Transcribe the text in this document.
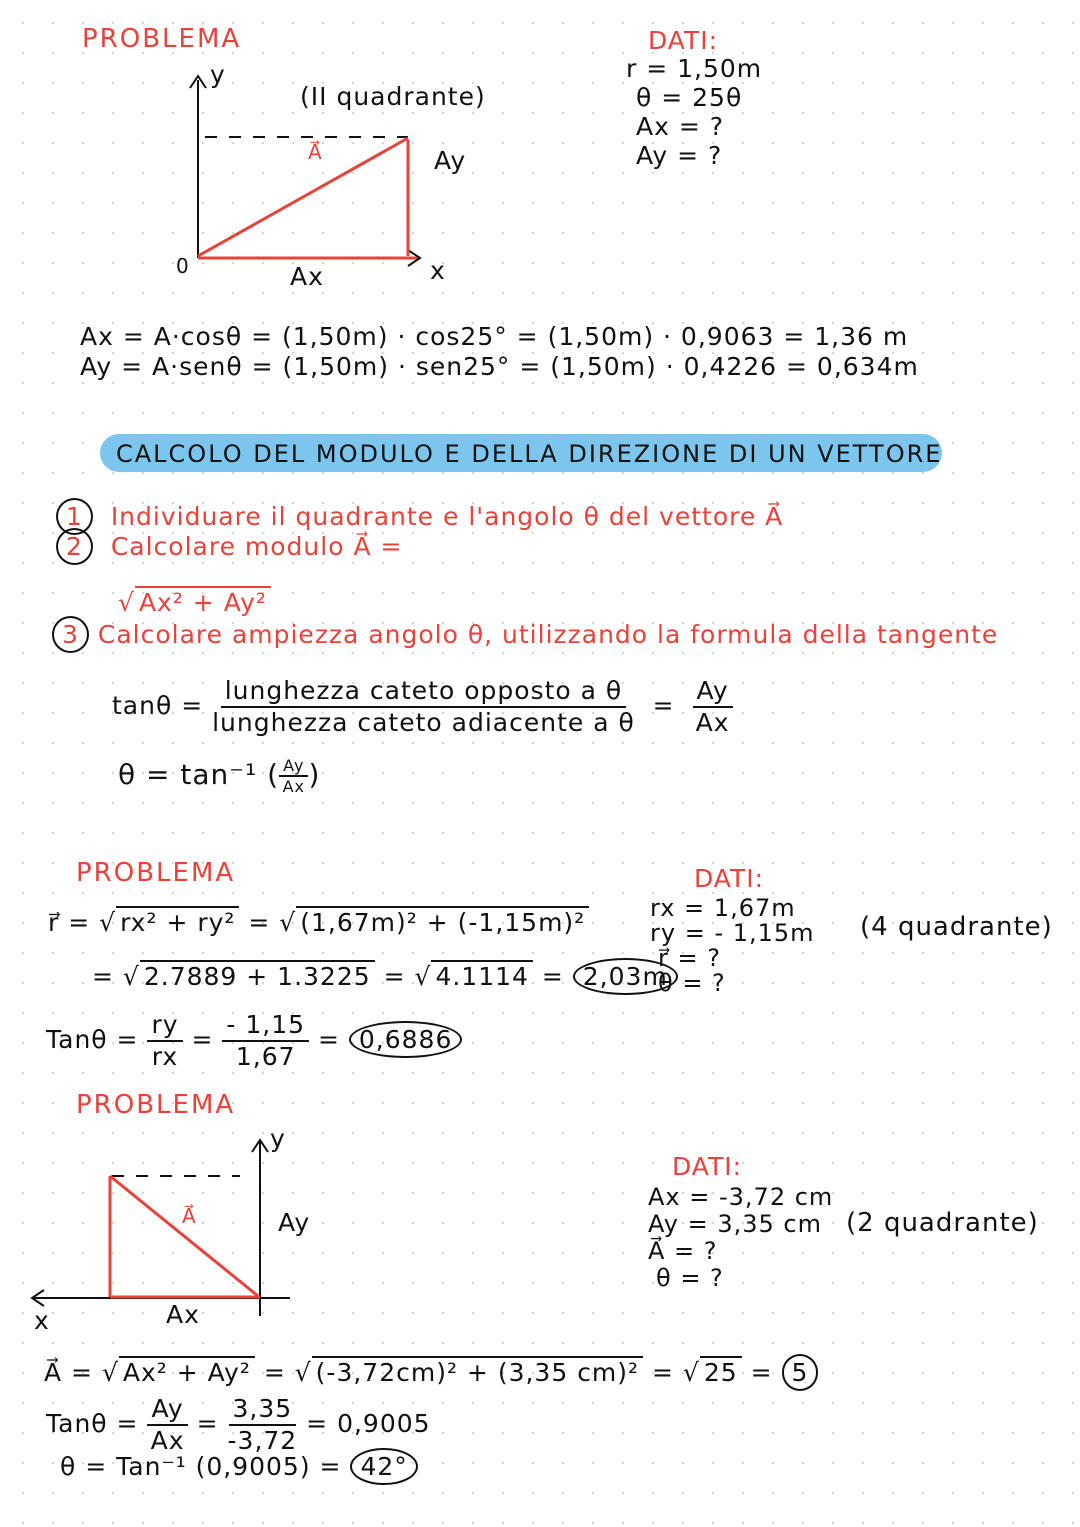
PROBLEMA
y
(II quadrante)
A⃗	Ay
0	Ax	x
DATI:
r = 1,50m
θ = 25θ
Ax = ?
Ay = ?
Ax = A·cosθ = (1,50m) · cos25° = (1,50m) · 0,9063 = 1,36 m
Ay = A·senθ = (1,50m) · sen25° = (1,50m) · 0,4226 = 0,634m
CALCOLO DEL MODULO E DELLA DIREZIONE DI UN VETTORE
1 Individuare il quadrante e l'angolo θ del vettore A⃗
2 Calcolare modulo A⃗ =
√ Ax² + Ay²
3 Calcolare ampiezza angolo θ, utilizzando la formula della tangente
$\tan\theta = \frac{\text{lunghezza cateto opposto a θ}}{\text{lunghezza cateto adiacente a θ}} = \frac{Ay}{Ax}$
θ = tan⁻¹ ( $\frac{Ay}{Ax}$ )
PROBLEMA
r⃗ = √ rx² + ry² = √ (1,67m)² + (-1,15m)²
= √ 2.7889 + 1.3225 = √ 4.1114 = 2,03m
$Tan\theta = \frac{ry}{rx} = \frac{- 1,15}{1,67} = 0,6886$
DATI:
rx = 1,67m
ry = - 1,15m
r⃗ = ?
θ = ?
(4 quadrante)
PROBLEMA
y
A⃗	Ay
Ax
x
DATI:
Ax = -3,72 cm
Ay = 3,35 cm
A⃗ = ?
θ = ?
(2 quadrante)
A⃗ = √ Ax² + Ay² = √ (-3,72cm)² + (3,35 cm)² = √ 25 = 5
$Tan\theta = \frac{Ay}{Ax} = \frac{3,35}{-3,72} = 0,9005$
θ = Tan⁻¹ (0,9005) = 42°
